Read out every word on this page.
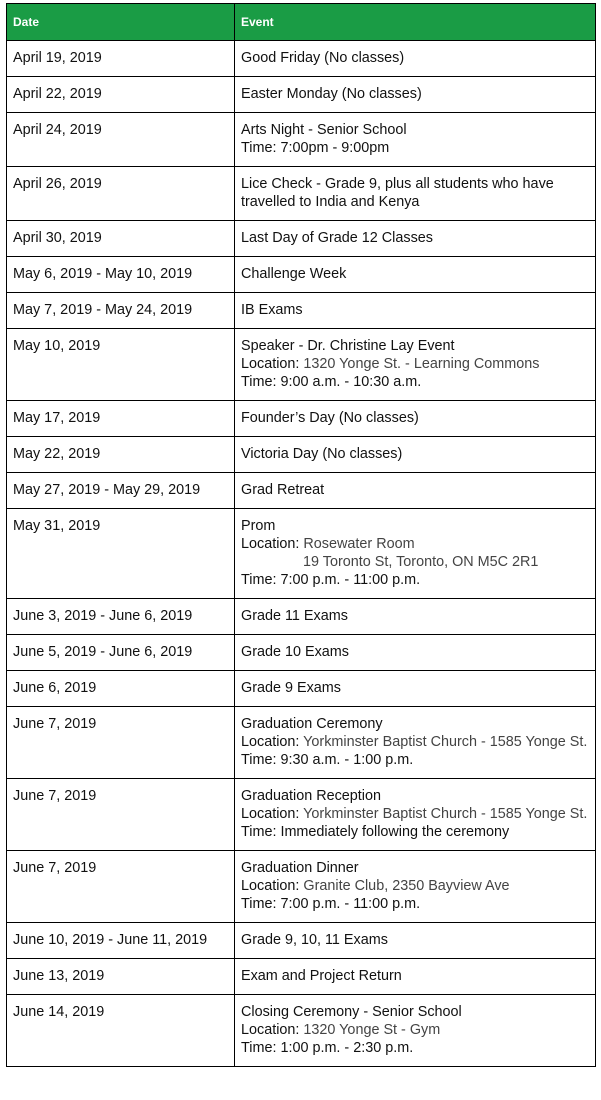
Date	Event
April 19, 2019	Good Friday (No classes)

April 22, 2019	Easter Monday (No classes)

April 24, 2019	Arts Night - Senior School
Time: 7:00pm - 9:00pm

April 26, 2019	Lice Check - Grade 9, plus all students who have travelled to India and Kenya

April 30, 2019	Last Day of Grade 12 Classes

May 6, 2019 - May 10, 2019	Challenge Week

May 7, 2019 - May 24, 2019	IB Exams

May 10, 2019	Speaker - Dr. Christine Lay Event
Location: 1320 Yonge St. - Learning Commons
Time: 9:00 a.m. - 10:30 a.m.

May 17, 2019	Founder’s Day (No classes)

May 22, 2019	Victoria Day (No classes)

May 27, 2019 - May 29, 2019	Grad Retreat

May 31, 2019	Prom
Location: Rosewater Room
19 Toronto St, Toronto, ON M5C 2R1
Time: 7:00 p.m. - 11:00 p.m.

June 3, 2019 - June 6, 2019	Grade 11 Exams

June 5, 2019 - June 6, 2019	Grade 10 Exams

June 6, 2019	Grade 9 Exams

June 7, 2019	Graduation Ceremony
Location: Yorkminster Baptist Church - 1585 Yonge St.
Time: 9:30 a.m. - 1:00 p.m.

June 7, 2019	Graduation Reception
Location: Yorkminster Baptist Church - 1585 Yonge St.
Time: Immediately following the ceremony

June 7, 2019	Graduation Dinner
Location: Granite Club, 2350 Bayview Ave
Time: 7:00 p.m. - 11:00 p.m.

June 10, 2019 - June 11, 2019	Grade 9, 10, 11 Exams

June 13, 2019	Exam and Project Return

June 14, 2019	Closing Ceremony - Senior School
Location: 1320 Yonge St - Gym
Time: 1:00 p.m. - 2:30 p.m.
